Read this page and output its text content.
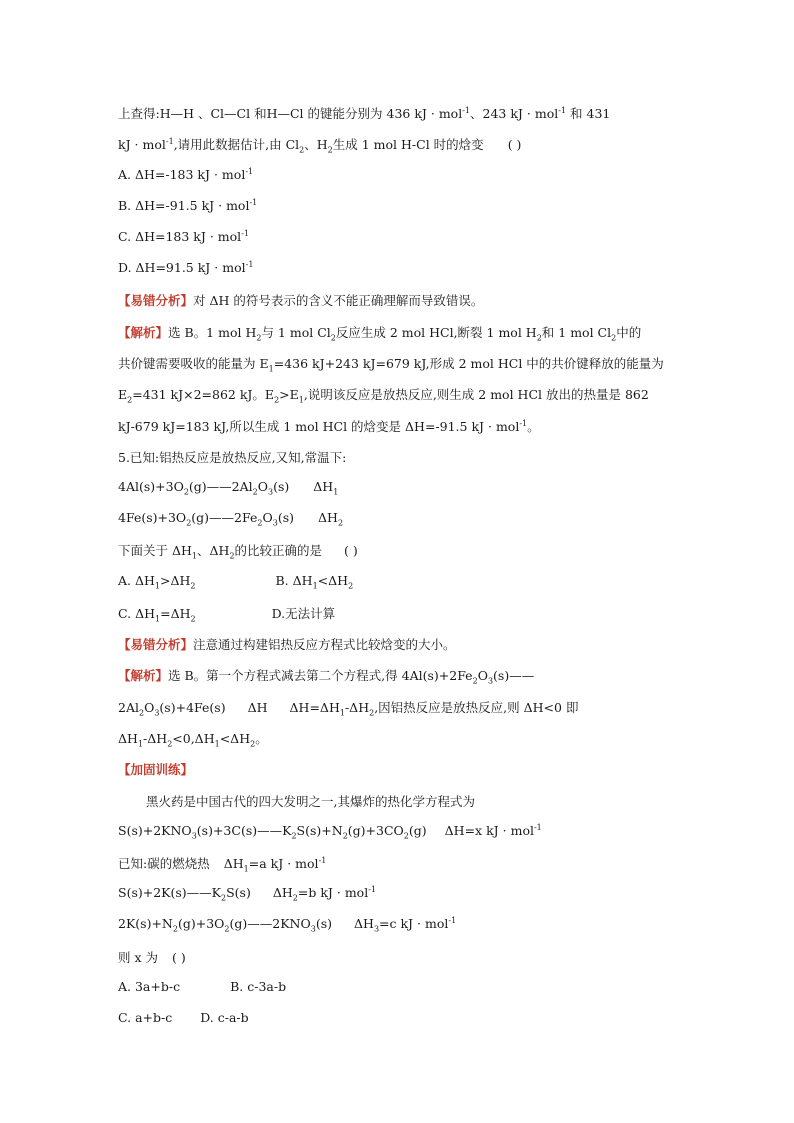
上查得:H—H 、Cl—Cl 和H—Cl 的键能分别为 436 kJ · mol$^{-1}$、243 kJ · mol$^{-1}$ 和 431
kJ · mol$^{-1}$,请用此数据估计,由 $Cl_2$、$H_2$生成 1 mol H-Cl 时的焓变 ( )
A. ΔH=-183 kJ · mol$^{-1}$
B. ΔH=-91.5 kJ · mol$^{-1}$
C. ΔH=183 kJ · mol$^{-1}$
D. ΔH=91.5 kJ · mol$^{-1}$
【易错分析】对 ΔH 的符号表示的含义不能正确理解而导致错误。
【解析】选 B。1 mol $H_2$与 1 mol $Cl_2$反应生成 2 mol HCl,断裂 1 mol $H_2$和 1 mol $Cl_2$中的
共价键需要吸收的能量为 $E_1=436$ kJ+243 kJ=679 kJ,形成 2 mol HCl 中的共价键释放的能量为
$E_2=431$ kJ×2=862 kJ。$E_2>E_1$,说明该反应是放热反应,则生成 2 mol HCl 放出的热量是 862
kJ-679 kJ=183 kJ,所以生成 1 mol HCl 的焓变是 ΔH=-91.5 kJ · mol$^{-1}$。
5.已知:铝热反应是放热反应,又知,常温下:
$4Al(s)+3O_2(g)——2Al_2O_3(s)$ $\Delta H_1$
$4Fe(s)+3O_2(g)——2Fe_2O_3(s)$ $\Delta H_2$
下面关于 $\Delta H_1$、$\Delta H_2$的比较正确的是 ( )
A. $\Delta H_1>\Delta H_2$	B. $\Delta H_1<\Delta H_2$
C. $\Delta H_1=\Delta H_2$	D.无法计算
【易错分析】注意通过构建铝热反应方程式比较焓变的大小。
【解析】选 B。第一个方程式减去第二个方程式,得 $4Al(s)+2Fe_2O_3(s)——$
$2Al_2O_3(s)+4Fe(s)$ ΔH $\Delta H=\Delta H_1-\Delta H_2$,因铝热反应是放热反应,则 ΔH<0 即
$\Delta H_1-\Delta H_2<0,\Delta H_1<\Delta H_2$。
【加固训练】
黑火药是中国古代的四大发明之一,其爆炸的热化学方程式为
$S(s)+2KNO_3(s)+3C(s)——K_2S(s)+N_2(g)+3CO_2(g)$ ΔH=x kJ · mol$^{-1}$
已知:碳的燃烧热 $\Delta H_1=a$ kJ · mol$^{-1}$
$S(s)+2K(s)——K_2S(s)$ $\Delta H_2=b$ kJ · mol$^{-1}$
$2K(s)+N_2(g)+3O_2(g)——2KNO_3(s)$ $\Delta H_3=c$ kJ · mol$^{-1}$
则 x 为 ( )
A. 3a+b-c	B. c-3a-b
C. a+b-c D. c-a-b
